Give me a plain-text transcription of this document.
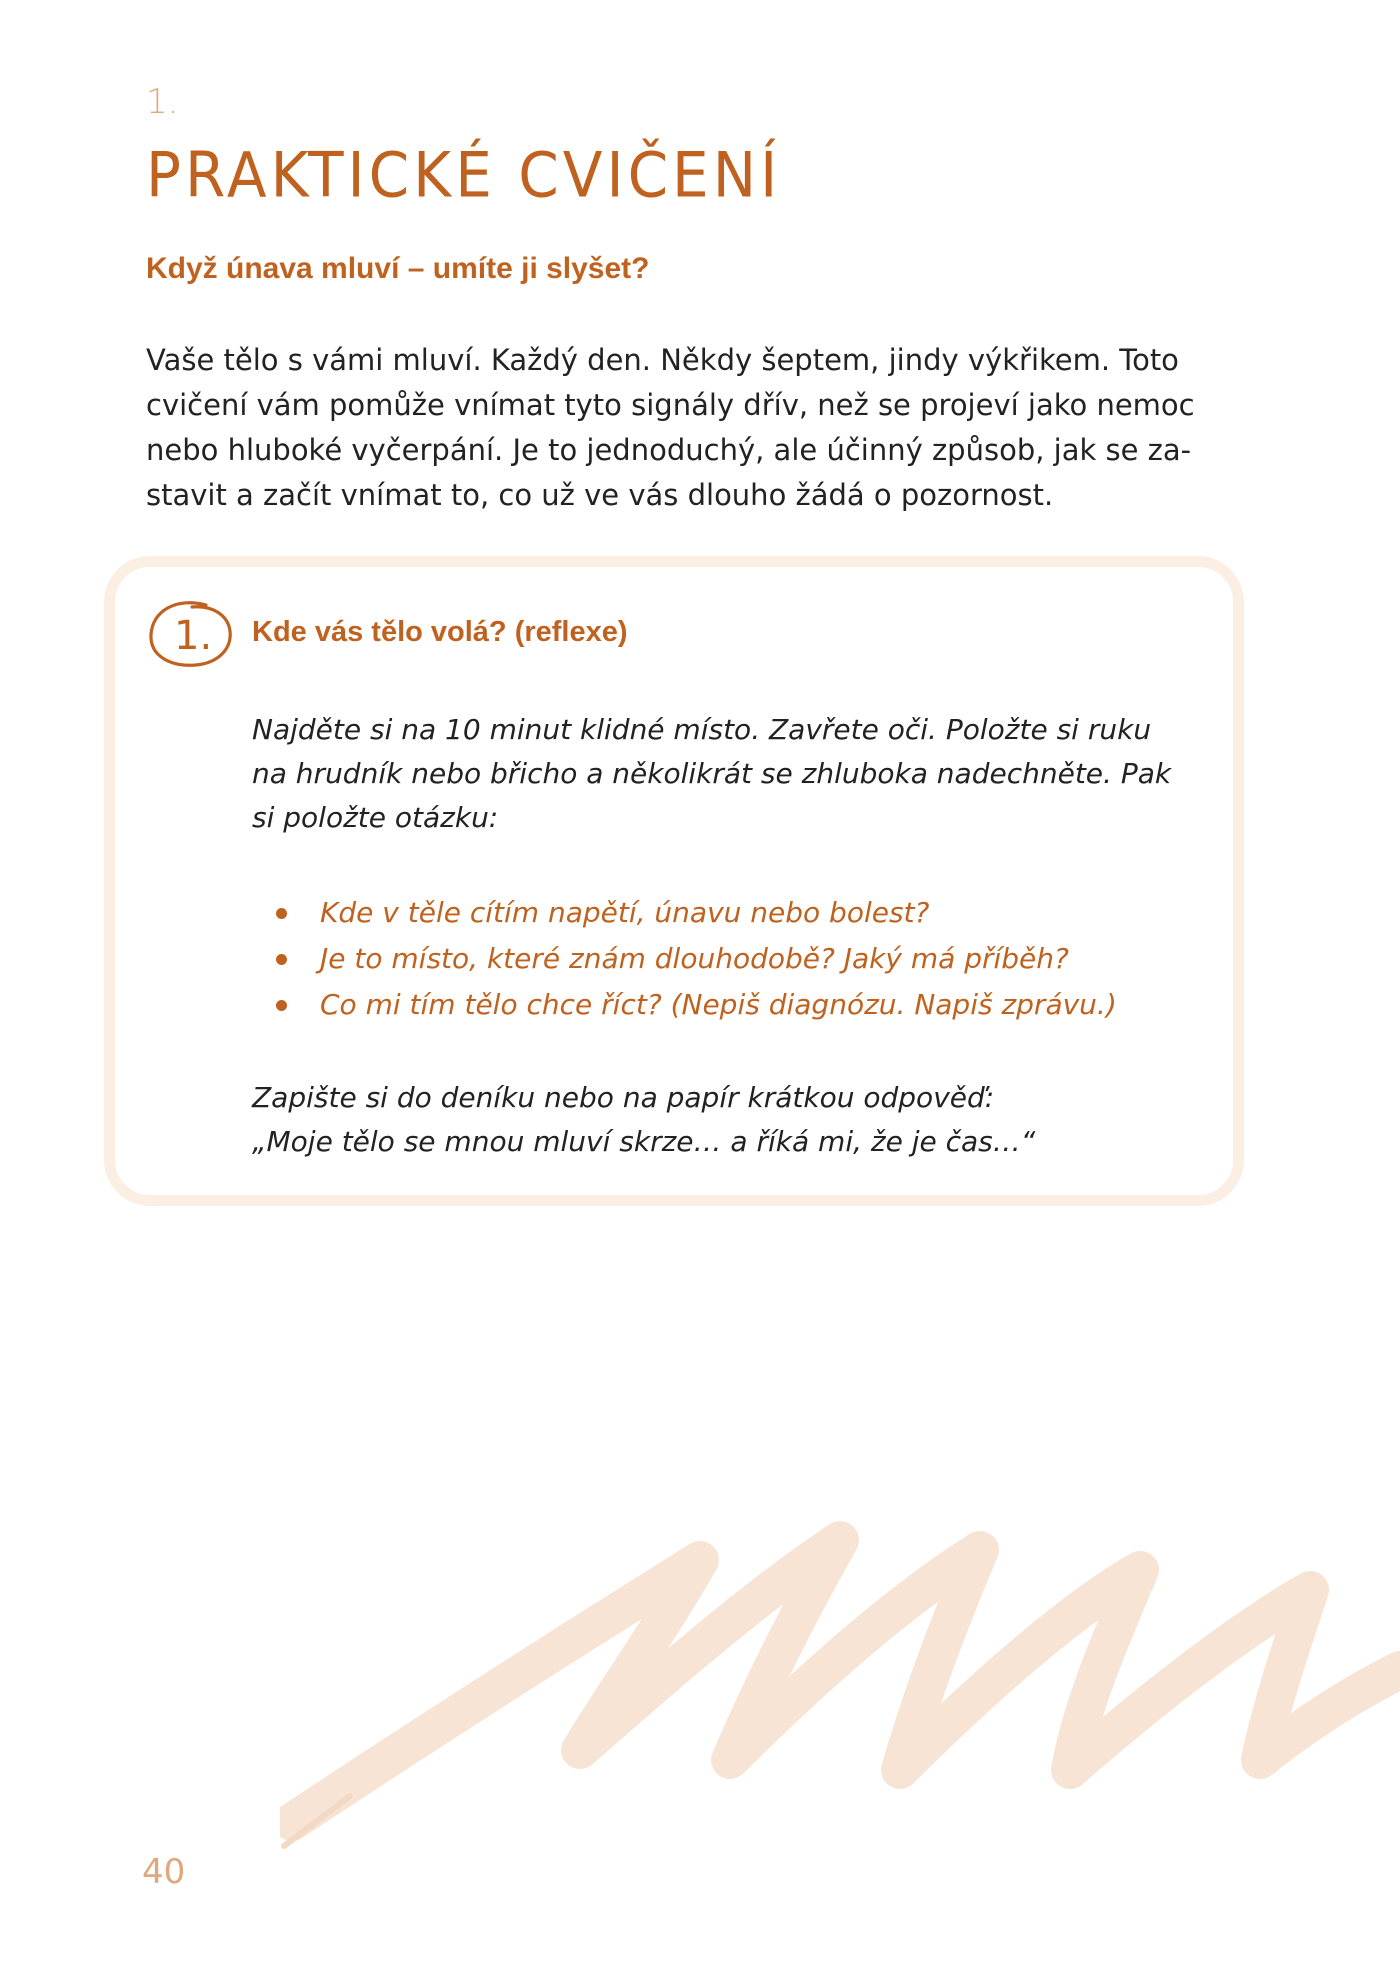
1.
PRAKTICKÉ CVIČENÍ
Když únava mluví – umíte ji slyšet?

Vaše tělo s vámi mluví. Každý den. Někdy šeptem, jindy výkřikem. Toto
cvičení vám pomůže vnímat tyto signály dřív, než se projeví jako nemoc
nebo hluboké vyčerpání. Je to jednoduchý, ale účinný způsob, jak se za-
stavit a začít vnímat to, co už ve vás dlouho žádá o pozornost.

1. Kde vás tělo volá? (reflexe)

Najděte si na 10 minut klidné místo. Zavřete oči. Položte si ruku
na hrudník nebo břicho a několikrát se zhluboka nadechněte. Pak
si položte otázku:

Kde v těle cítím napětí, únavu nebo bolest?
Je to místo, které znám dlouhodobě? Jaký má příběh?
Co mi tím tělo chce říct? (Nepiš diagnózu. Napiš zprávu.)

Zapište si do deníku nebo na papír krátkou odpověď:
„Moje tělo se mnou mluví skrze… a říká mi, že je čas…“

40
